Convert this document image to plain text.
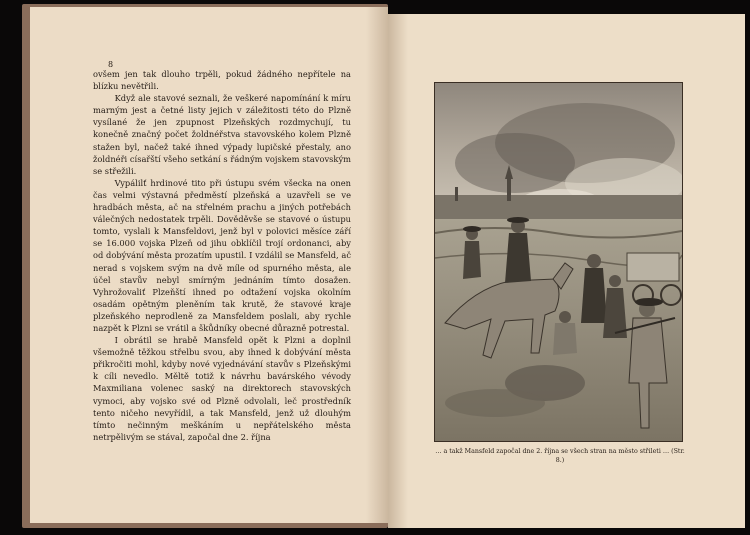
8

ovšem jen tak dlouho trpěli, pokud žádného nepřítele na blízku nevětřili.

Když ale stavové seznali, že veškeré napomínání k míru marným jest a četné listy jejich v záležitosti této do Plzně vysílané že jen zpupnost Plzeňských rozdmychují, tu konečně značný počet žoldnéřstva stavovského kolem Plzně stažen byl, načež také ihned výpady lupičské přestaly, ano žoldnéři císařští všeho setkání s řádným vojskem stavovským se střežili.

Vypálilť hrdinové tito při ústupu svém všecka na onen čas velmi výstavná předměstí plzeňská a uzavřeli se ve hradbách města, ač na střelném prachu a jiných potřebách válečných nedostatek trpěli. Dověděvše se stavové o ústupu tomto, vyslali k Mansfeldovi, jenž byl v polovici měsíce září se 16.000 vojska Plzeň od jihu obklíčil trojí ordonanci, aby od dobývání města prozatím upustil. I vzdálil se Mansfeld, ač nerad s vojskem svým na dvě míle od spurného města, ale účel stavův nebyl smírným jednáním tímto dosažen. Vyhrožovaliť Plzeňští ihned po odtažení vojska okolním osadám opětným pleněním tak krutě, že stavové kraje plzeňského neprodleně za Mansfeldem poslali, aby rychle nazpět k Plzni se vrátil a škůdníky obecné důrazně potrestal.

I obrátil se hrabě Mansfeld opět k Plzni a doplnil všemožně těžkou střelbu svou, aby ihned k dobývání města přikročiti mohl, kdyby nové vyjednávání stavův s Plzeňskými k cíli nevedlo. Měltě totiž k návrhu bavárského vévody Maxmiliana volenec saský na direktorech stavovských vymoci, aby vojsko své od Plzně odvolali, leč prostředník tento ničeho nevyřídil, a tak Mansfeld, jenž už dlouhým tímto nečinným meškáním u nepřátelského města netrpělivým se stával, započal dne 2. října

… a takž Mansfeld započal dne 2. října se všech stran na město střileti … (Str. 8.)
